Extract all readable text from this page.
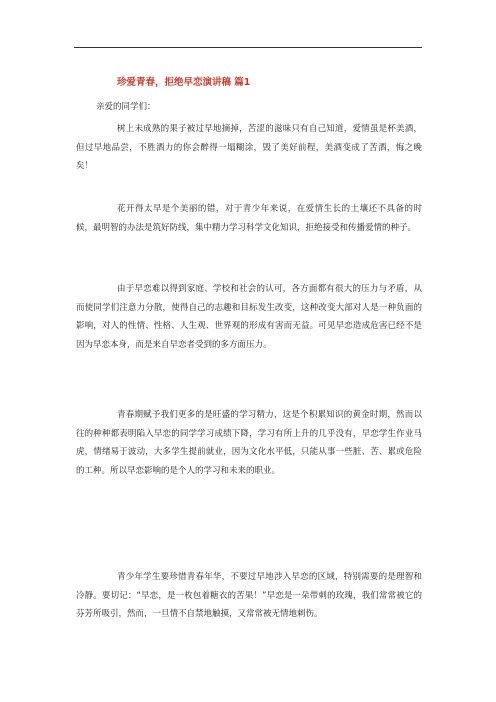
珍爱青春，拒绝早恋演讲稿 篇1
亲爱的同学们：

树上未成熟的果子被过早地摘掉，苦涩的滋味只有自己知道，爱情虽是杯美酒，但过早地品尝，不胜酒力的你会醉得一塌糊涂，毁了美好前程，美酒变成了苦酒，悔之晚矣！

花开得太早是个美丽的错，对于青少年来说，在爱情生长的土壤还不具备的时候，最明智的办法是筑好防线，集中精力学习科学文化知识，拒绝接受和传播爱情的种子。

由于早恋难以得到家庭、学校和社会的认可，各方面都有很大的压力与矛盾，从而使同学们注意力分散，使得自己的志趣和目标发生改变，这种改变大部对人是一种负面的影响，对人的性情、性格、人生观、世界观的形成有害而无益。可见早恋造成危害已经不是因为早恋本身，而是来自早恋者受到的多方面压力。

青春期赋予我们更多的是旺盛的学习精力，这是个积累知识的黄金时期，然而以往的种种都表明陷入早恋的同学学习成绩下降，学习有所上升的几乎没有，早恋学生作业马虎，情绪易于波动，大多学生提前就业，因为文化水平低，只能从事一些脏、苦、累或危险的工种。所以早恋影响的是个人的学习和未来的职业。

青少年学生要珍惜青春年华，不要过早地涉入早恋的区域，特别需要的是理智和冷静。要切记：“早恋，是一枚包着糖衣的苦果！”早恋是一朵带刺的玫瑰，我们常常被它的芬芳所吸引，然而，一旦情不自禁地触摸，又常常被无情地刺伤。
